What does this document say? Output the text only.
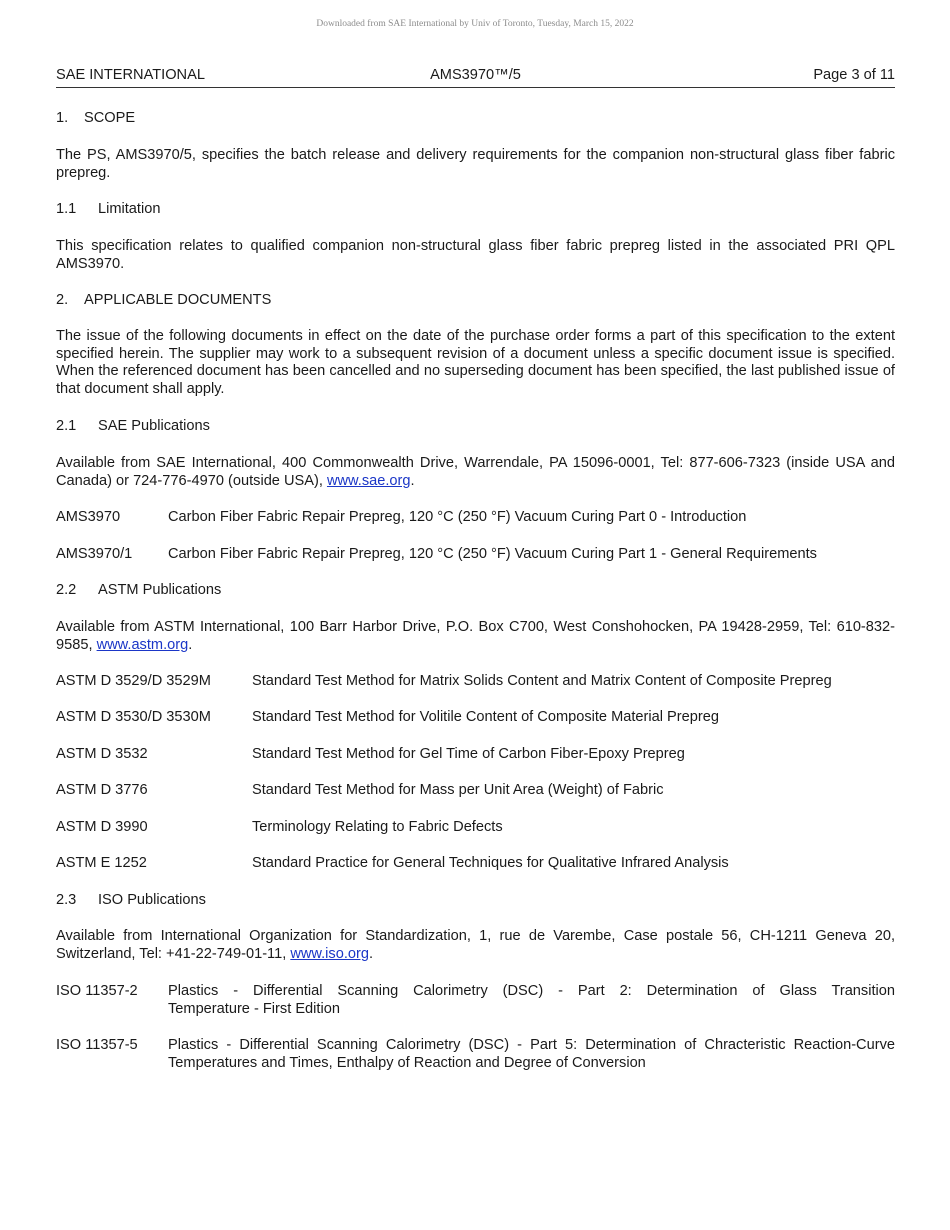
Downloaded from SAE International by Univ of Toronto, Tuesday, March 15, 2022
SAE INTERNATIONAL	AMS3970™/5	Page 3 of 11
1. SCOPE
The PS, AMS3970/5, specifies the batch release and delivery requirements for the companion non-structural glass fiber fabric prepreg.
1.1 Limitation
This specification relates to qualified companion non-structural glass fiber fabric prepreg listed in the associated PRI QPL AMS3970.
2. APPLICABLE DOCUMENTS
The issue of the following documents in effect on the date of the purchase order forms a part of this specification to the extent specified herein. The supplier may work to a subsequent revision of a document unless a specific document issue is specified. When the referenced document has been cancelled and no superseding document has been specified, the last published issue of that document shall apply.
2.1 SAE Publications
Available from SAE International, 400 Commonwealth Drive, Warrendale, PA 15096-0001, Tel: 877-606-7323 (inside USA and Canada) or 724-776-4970 (outside USA), www.sae.org.
AMS3970	Carbon Fiber Fabric Repair Prepreg, 120 °C (250 °F) Vacuum Curing Part 0 - Introduction
AMS3970/1	Carbon Fiber Fabric Repair Prepreg, 120 °C (250 °F) Vacuum Curing Part 1 - General Requirements
2.2 ASTM Publications
Available from ASTM International, 100 Barr Harbor Drive, P.O. Box C700, West Conshohocken, PA 19428-2959, Tel: 610-832-9585, www.astm.org.
ASTM D 3529/D 3529M	Standard Test Method for Matrix Solids Content and Matrix Content of Composite Prepreg
ASTM D 3530/D 3530M	Standard Test Method for Volitile Content of Composite Material Prepreg
ASTM D 3532	Standard Test Method for Gel Time of Carbon Fiber-Epoxy Prepreg
ASTM D 3776	Standard Test Method for Mass per Unit Area (Weight) of Fabric
ASTM D 3990	Terminology Relating to Fabric Defects
ASTM E 1252	Standard Practice for General Techniques for Qualitative Infrared Analysis
2.3 ISO Publications
Available from International Organization for Standardization, 1, rue de Varembe, Case postale 56, CH-1211 Geneva 20, Switzerland, Tel: +41-22-749-01-11, www.iso.org.
ISO 11357-2	Plastics - Differential Scanning Calorimetry (DSC) - Part 2: Determination of Glass Transition
Temperature - First Edition
ISO 11357-5	Plastics - Differential Scanning Calorimetry (DSC) - Part 5: Determination of Chracteristic Reaction-Curve
Temperatures and Times, Enthalpy of Reaction and Degree of Conversion
